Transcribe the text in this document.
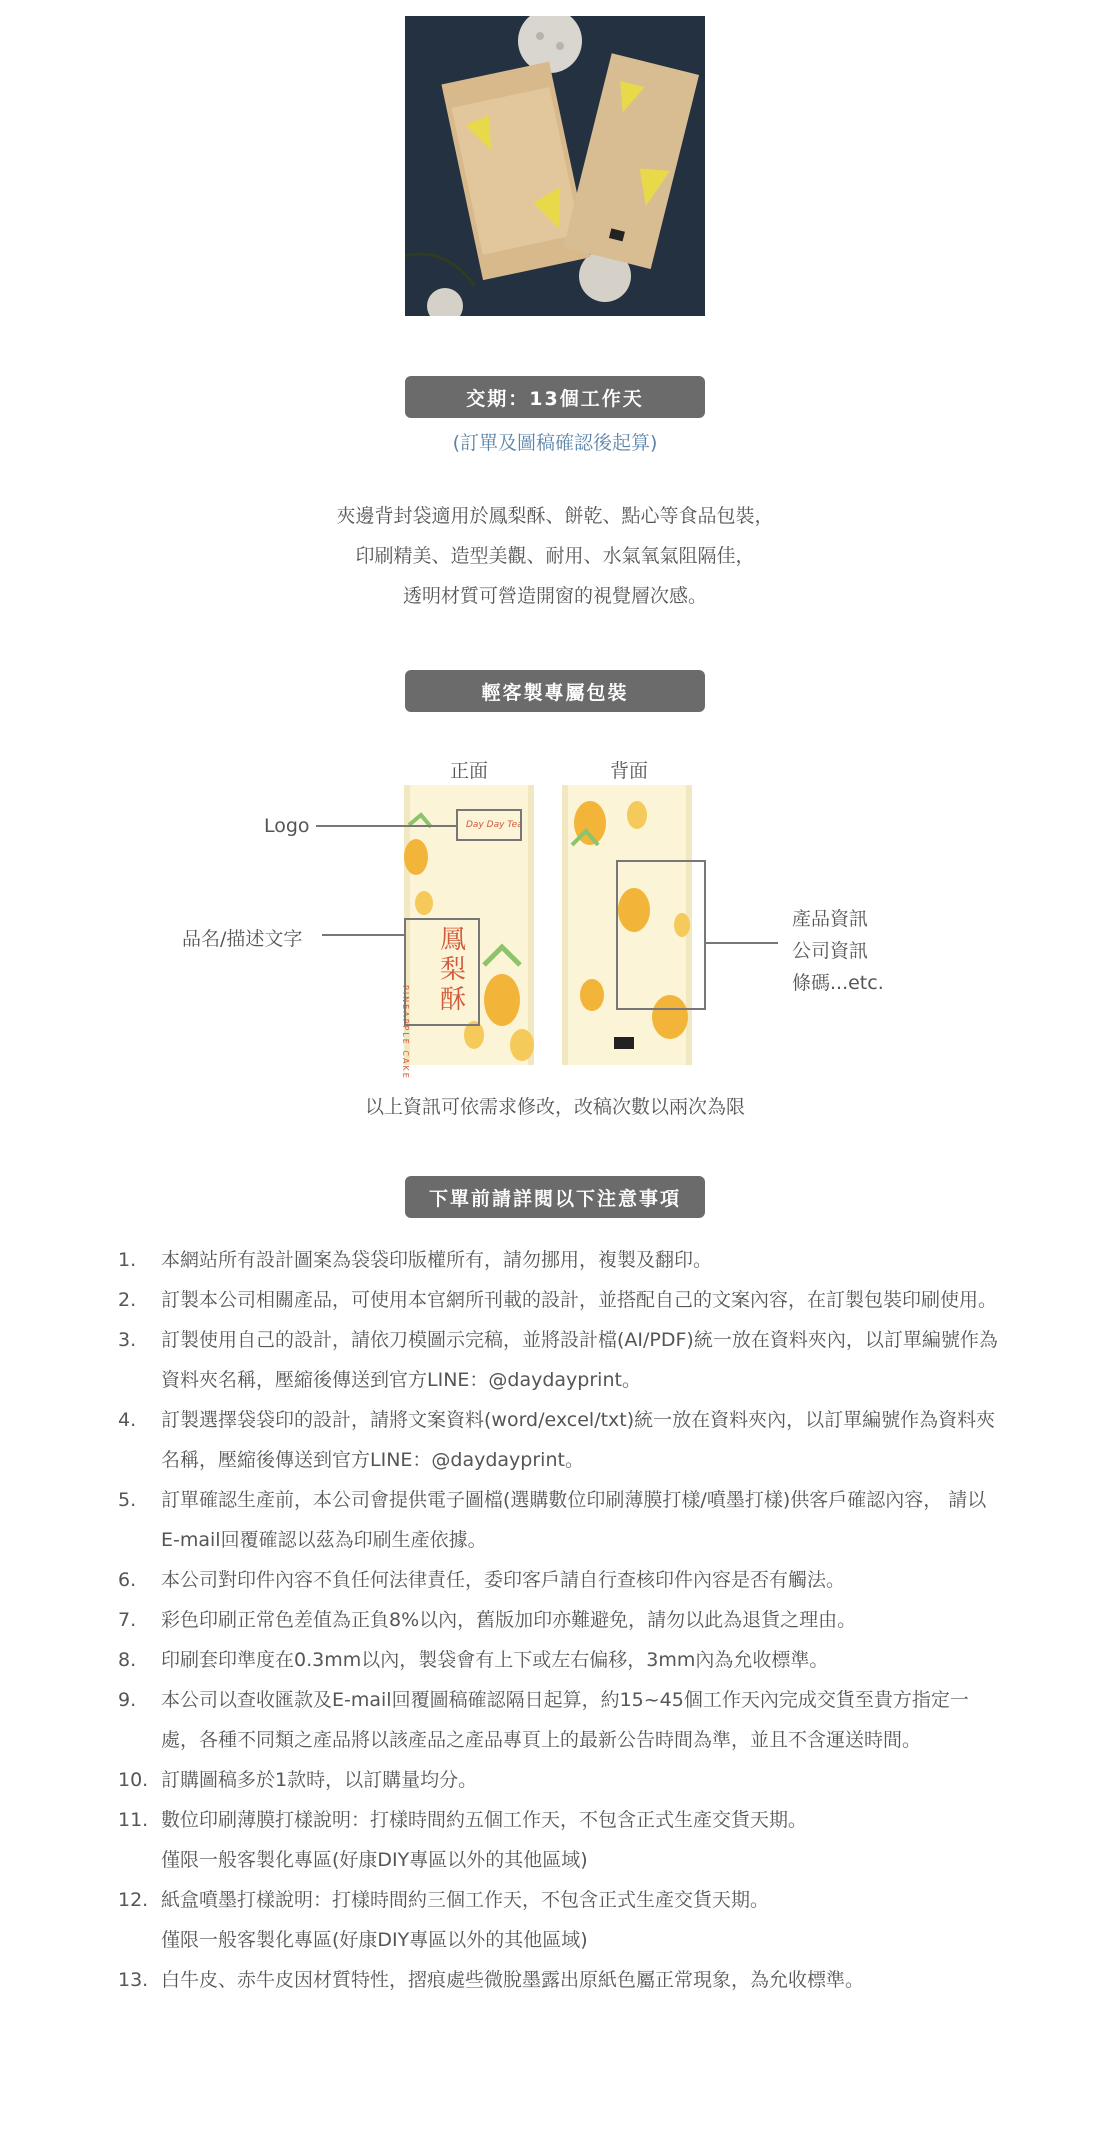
交期：13個工作天
(訂單及圖稿確認後起算)
夾邊背封袋適用於鳳梨酥、餅乾、點心等食品包裝，
印刷精美、造型美觀、耐用、水氣氧氣阻隔佳，
透明材質可營造開窗的視覺層次感。
輕客製專屬包裝
正面	背面
Logo
品名/描述文字
產品資訊
公司資訊
條碼...etc.
Day Day Tea
鳳梨酥
PINEAPPLE CAKE
以上資訊可依需求修改，改稿次數以兩次為限
下單前請詳閱以下注意事項
1.	本網站所有設計圖案為袋袋印版權所有，請勿挪用，複製及翻印。
2.	訂製本公司相關產品，可使用本官網所刊載的設計，並搭配自己的文案內容，在訂製包裝印刷使用。
3.	訂製使用自己的設計，請依刀模圖示完稿，並將設計檔(AI/PDF)統一放在資料夾內，以訂單編號作為資料夾名稱，壓縮後傳送到官方LINE：@daydayprint。
4.	訂製選擇袋袋印的設計，請將文案資料(word/excel/txt)統一放在資料夾內，以訂單編號作為資料夾名稱，壓縮後傳送到官方LINE：@daydayprint。
5.	訂單確認生產前，本公司會提供電子圖檔(選購數位印刷薄膜打樣/噴墨打樣)供客戶確認內容， 請以E-mail回覆確認以茲為印刷生產依據。
6.	本公司對印件內容不負任何法律責任，委印客戶請自行查核印件內容是否有觸法。
7.	彩色印刷正常色差值為正負8%以內，舊版加印亦難避免，請勿以此為退貨之理由。
8.	印刷套印準度在0.3mm以內，製袋會有上下或左右偏移，3mm內為允收標準。
9.	本公司以查收匯款及E-mail回覆圖稿確認隔日起算，約15~45個工作天內完成交貨至貴方指定一處，各種不同類之產品將以該產品之產品專頁上的最新公告時間為準，並且不含運送時間。
10. 訂購圖稿多於1款時，以訂購量均分。
11. 數位印刷薄膜打樣說明：打樣時間約五個工作天，不包含正式生產交貨天期。
僅限一般客製化專區(好康DIY專區以外的其他區域)
12. 紙盒噴墨打樣說明：打樣時間約三個工作天，不包含正式生產交貨天期。
僅限一般客製化專區(好康DIY專區以外的其他區域)
13. 白牛皮、赤牛皮因材質特性，摺痕處些微脫墨露出原紙色屬正常現象，為允收標準。
